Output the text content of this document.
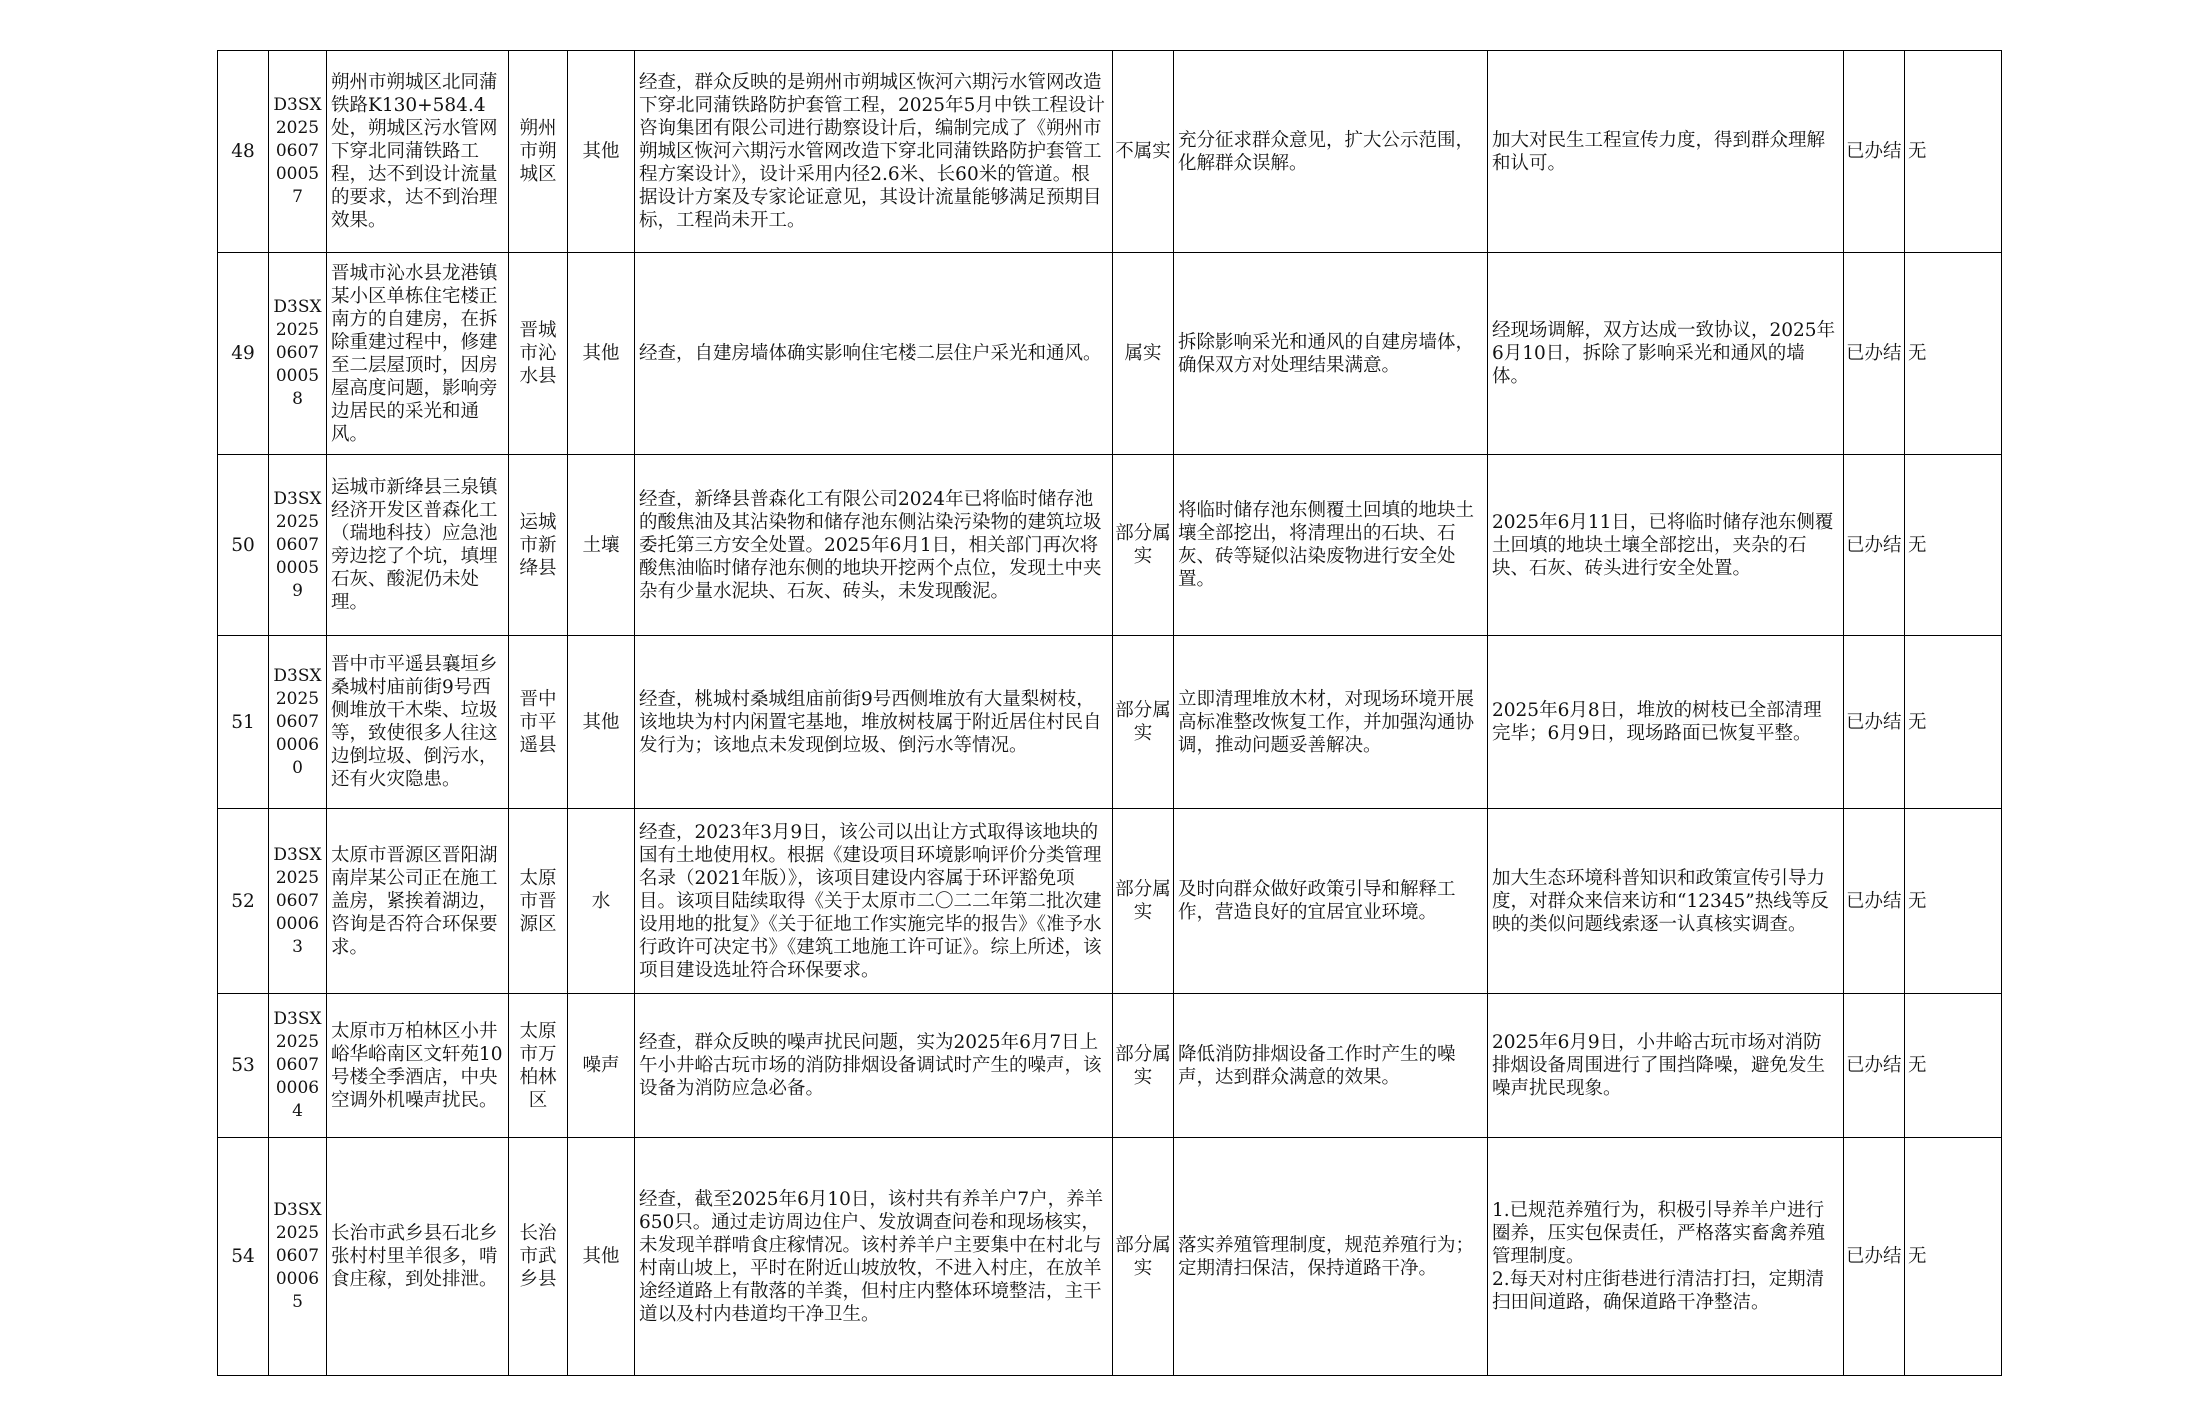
48
D3SX2025060700057
朔州市朔城区北同蒲铁路K130+584.4处，朔城区污水管网下穿北同蒲铁路工程，达不到设计流量的要求，达不到治理效果。
朔州市朔城区
其他
经查，群众反映的是朔州市朔城区恢河六期污水管网改造下穿北同蒲铁路防护套管工程，2025年5月中铁工程设计咨询集团有限公司进行勘察设计后，编制完成了《朔州市朔城区恢河六期污水管网改造下穿北同蒲铁路防护套管工程方案设计》，设计采用内径2.6米、长60米的管道。根据设计方案及专家论证意见，其设计流量能够满足预期目标，工程尚未开工。
不属实
充分征求群众意见，扩大公示范围，化解群众误解。
加大对民生工程宣传力度，得到群众理解和认可。
已办结 无
49
D3SX2025060700058
晋城市沁水县龙港镇某小区单栋住宅楼正南方的自建房，在拆除重建过程中，修建至二层屋顶时，因房屋高度问题，影响旁边居民的采光和通风。
晋城市沁水县
其他	经查，自建房墙体确实影响住宅楼二层住户采光和通风。	属实
拆除影响采光和通风的自建房墙体，确保双方对处理结果满意。
经现场调解，双方达成一致协议，2025年6月10日，拆除了影响采光和通风的墙体。
已办结 无
50
D3SX2025060700059
运城市新绛县三泉镇经济开发区普森化工（瑞地科技）应急池旁边挖了个坑，填埋石灰、酸泥仍未处理。
运城市新绛县
土壤
经查，新绛县普森化工有限公司2024年已将临时储存池的酸焦油及其沾染物和储存池东侧沾染污染物的建筑垃圾委托第三方安全处置。2025年6月1日，相关部门再次将酸焦油临时储存池东侧的地块开挖两个点位，发现土中夹杂有少量水泥块、石灰、砖头，未发现酸泥。
部分属实
将临时储存池东侧覆土回填的地块土壤全部挖出，将清理出的石块、石灰、砖等疑似沾染废物进行安全处置。
2025年6月11日，已将临时储存池东侧覆土回填的地块土壤全部挖出，夹杂的石块、石灰、砖头进行安全处置。
已办结 无
51
D3SX2025060700060
晋中市平遥县襄垣乡桑城村庙前街9号西侧堆放干木柴、垃圾等，致使很多人往这边倒垃圾、倒污水，还有火灾隐患。
晋中市平遥县
其他
经查，桃城村桑城组庙前街9号西侧堆放有大量梨树枝，该地块为村内闲置宅基地，堆放树枝属于附近居住村民自发行为；该地点未发现倒垃圾、倒污水等情况。
部分属实
立即清理堆放木材，对现场环境开展高标准整改恢复工作，并加强沟通协调，推动问题妥善解决。
2025年6月8日，堆放的树枝已全部清理完毕；6月9日，现场路面已恢复平整。
已办结 无
52
D3SX2025060700063
太原市晋源区晋阳湖南岸某公司正在施工盖房，紧挨着湖边，咨询是否符合环保要求。
太原市晋源区
水
经查，2023年3月9日，该公司以出让方式取得该地块的国有土地使用权。根据《建设项目环境影响评价分类管理名录（2021年版）》，该项目建设内容属于环评豁免项目。该项目陆续取得《关于太原市二〇二二年第二批次建设用地的批复》《关于征地工作实施完毕的报告》《准予水行政许可决定书》《建筑工地施工许可证》。综上所述，该项目建设选址符合环保要求。
部分属实
及时向群众做好政策引导和解释工作，营造良好的宜居宜业环境。
加大生态环境科普知识和政策宣传引导力度，对群众来信来访和“12345”热线等反映的类似问题线索逐一认真核实调查。
已办结 无
53
D3SX2025060700064
太原市万柏林区小井峪华峪南区文轩苑10号楼全季酒店，中央空调外机噪声扰民。
太原市万柏林区
噪声
经查，群众反映的噪声扰民问题，实为2025年6月7日上午小井峪古玩市场的消防排烟设备调试时产生的噪声，该设备为消防应急必备。
部分属实
降低消防排烟设备工作时产生的噪声，达到群众满意的效果。
2025年6月9日，小井峪古玩市场对消防排烟设备周围进行了围挡降噪，避免发生噪声扰民现象。
已办结 无
54
D3SX2025060700065
长治市武乡县石北乡张村村里羊很多，啃食庄稼，到处排泄。
长治市武乡县
其他
经查，截至2025年6月10日，该村共有养羊户7户，养羊650只。通过走访周边住户、发放调查问卷和现场核实，未发现羊群啃食庄稼情况。该村养羊户主要集中在村北与村南山坡上，平时在附近山坡放牧，不进入村庄，在放羊途经道路上有散落的羊粪，但村庄内整体环境整洁，主干道以及村内巷道均干净卫生。
部分属实
落实养殖管理制度，规范养殖行为；定期清扫保洁，保持道路干净。
1.已规范养殖行为，积极引导养羊户进行圈养，压实包保责任，严格落实畜禽养殖管理制度。
2.每天对村庄街巷进行清洁打扫，定期清扫田间道路，确保道路干净整洁。
已办结 无
